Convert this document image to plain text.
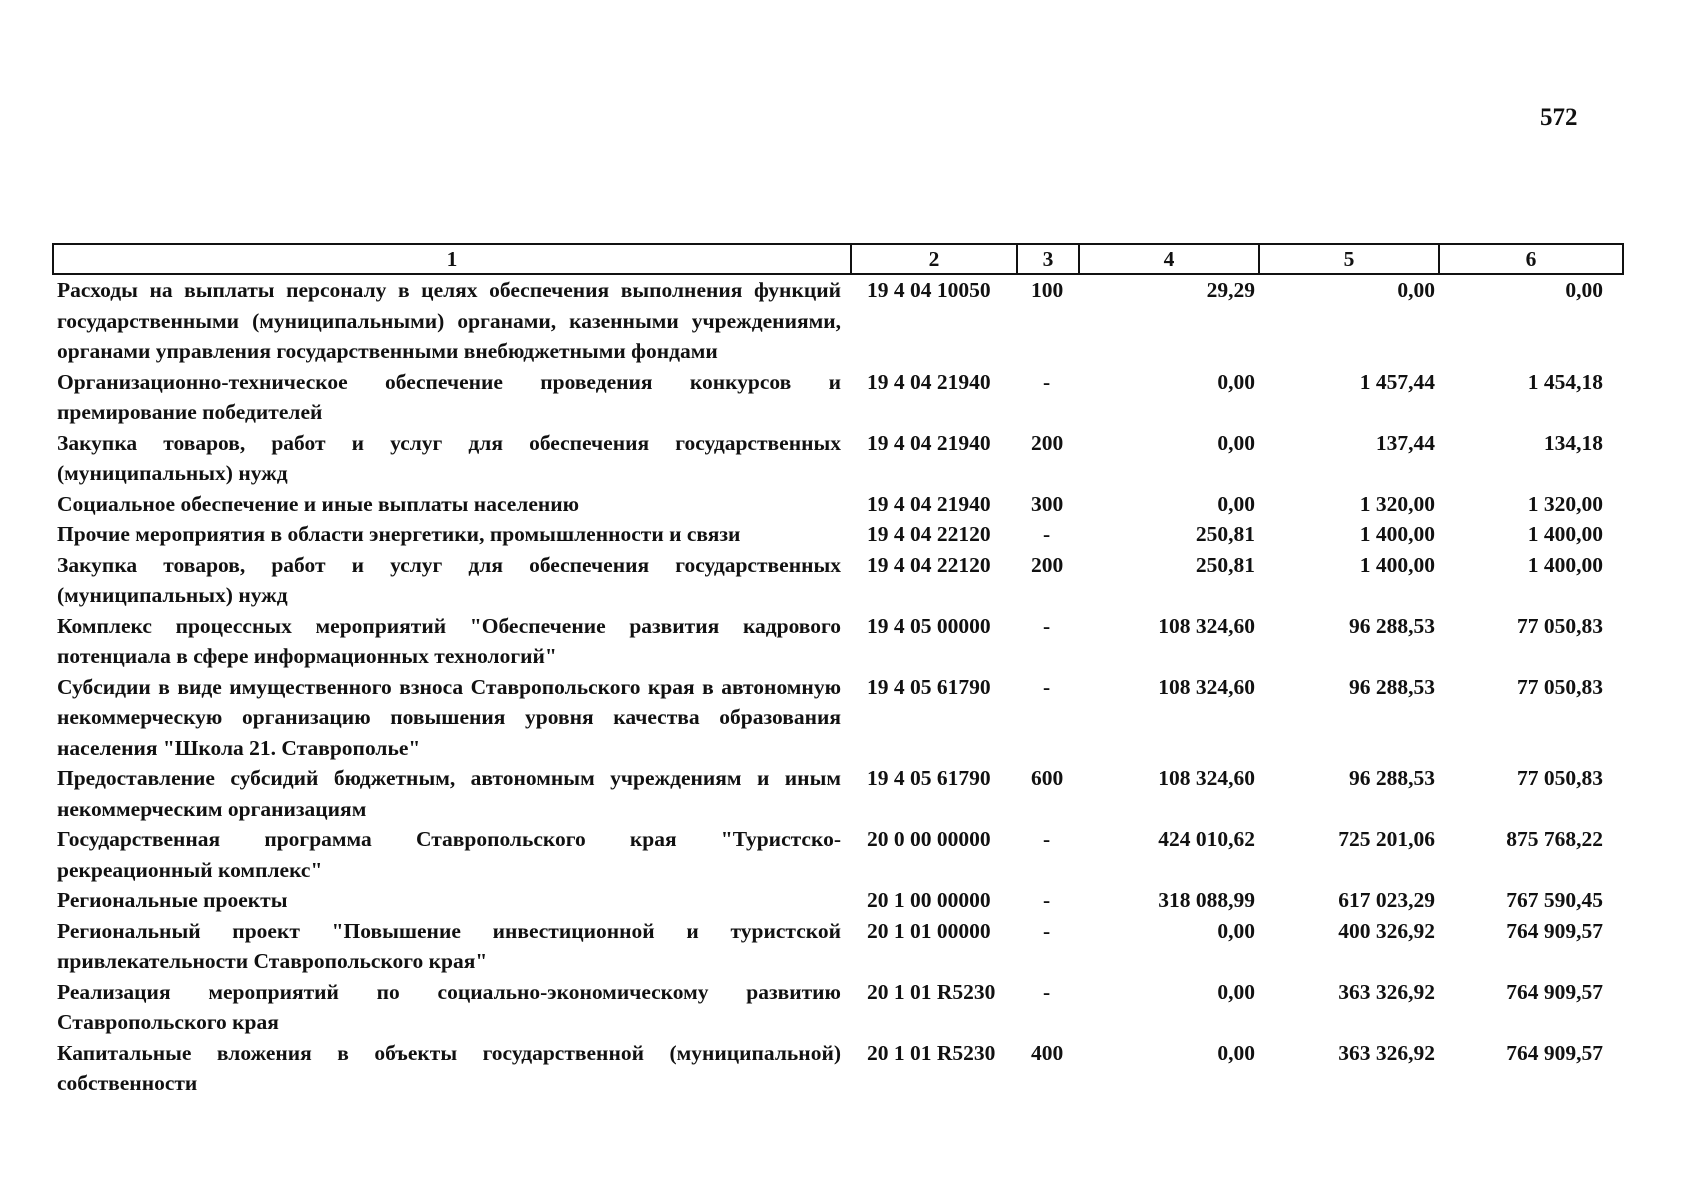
572
1	2	3	4	5	6
Расходы на выплаты персоналу в целях обеспечения выполнения функций государственными (муниципальными) органами, казенными учреждениями, органами управления государственными внебюджетными фондами	19 4 04 10050	100	29,29	0,00	0,00
Организационно-техническое обеспечение проведения конкурсов и премирование победителей	19 4 04 21940	-	0,00	1 457,44	1 454,18
Закупка товаров, работ и услуг для обеспечения государственных (муниципальных) нужд	19 4 04 21940	200	0,00	137,44	134,18
Социальное обеспечение и иные выплаты населению	19 4 04 21940	300	0,00	1 320,00	1 320,00
Прочие мероприятия в области энергетики, промышленности и связи	19 4 04 22120	-	250,81	1 400,00	1 400,00
Закупка товаров, работ и услуг для обеспечения государственных (муниципальных) нужд	19 4 04 22120	200	250,81	1 400,00	1 400,00
Комплекс процессных мероприятий "Обеспечение развития кадрового потенциала в сфере информационных технологий"	19 4 05 00000	-	108 324,60	96 288,53	77 050,83
Субсидии в виде имущественного взноса Ставропольского края в автономную некоммерческую организацию повышения уровня качества образования населения "Школа 21. Ставрополье"	19 4 05 61790	-	108 324,60	96 288,53	77 050,83
Предоставление субсидий бюджетным, автономным учреждениям и иным некоммерческим организациям	19 4 05 61790	600	108 324,60	96 288,53	77 050,83
Государственная программа Ставропольского края "Туристско-рекреационный комплекс"	20 0 00 00000	-	424 010,62	725 201,06	875 768,22
Региональные проекты	20 1 00 00000	-	318 088,99	617 023,29	767 590,45
Региональный проект "Повышение инвестиционной и туристской привлекательности Ставропольского края"	20 1 01 00000	-	0,00	400 326,92	764 909,57
Реализация мероприятий по социально-экономическому развитию Ставропольского края	20 1 01 R5230	-	0,00	363 326,92	764 909,57
Капитальные вложения в объекты государственной (муниципальной) собственности	20 1 01 R5230	400	0,00	363 326,92	764 909,57
